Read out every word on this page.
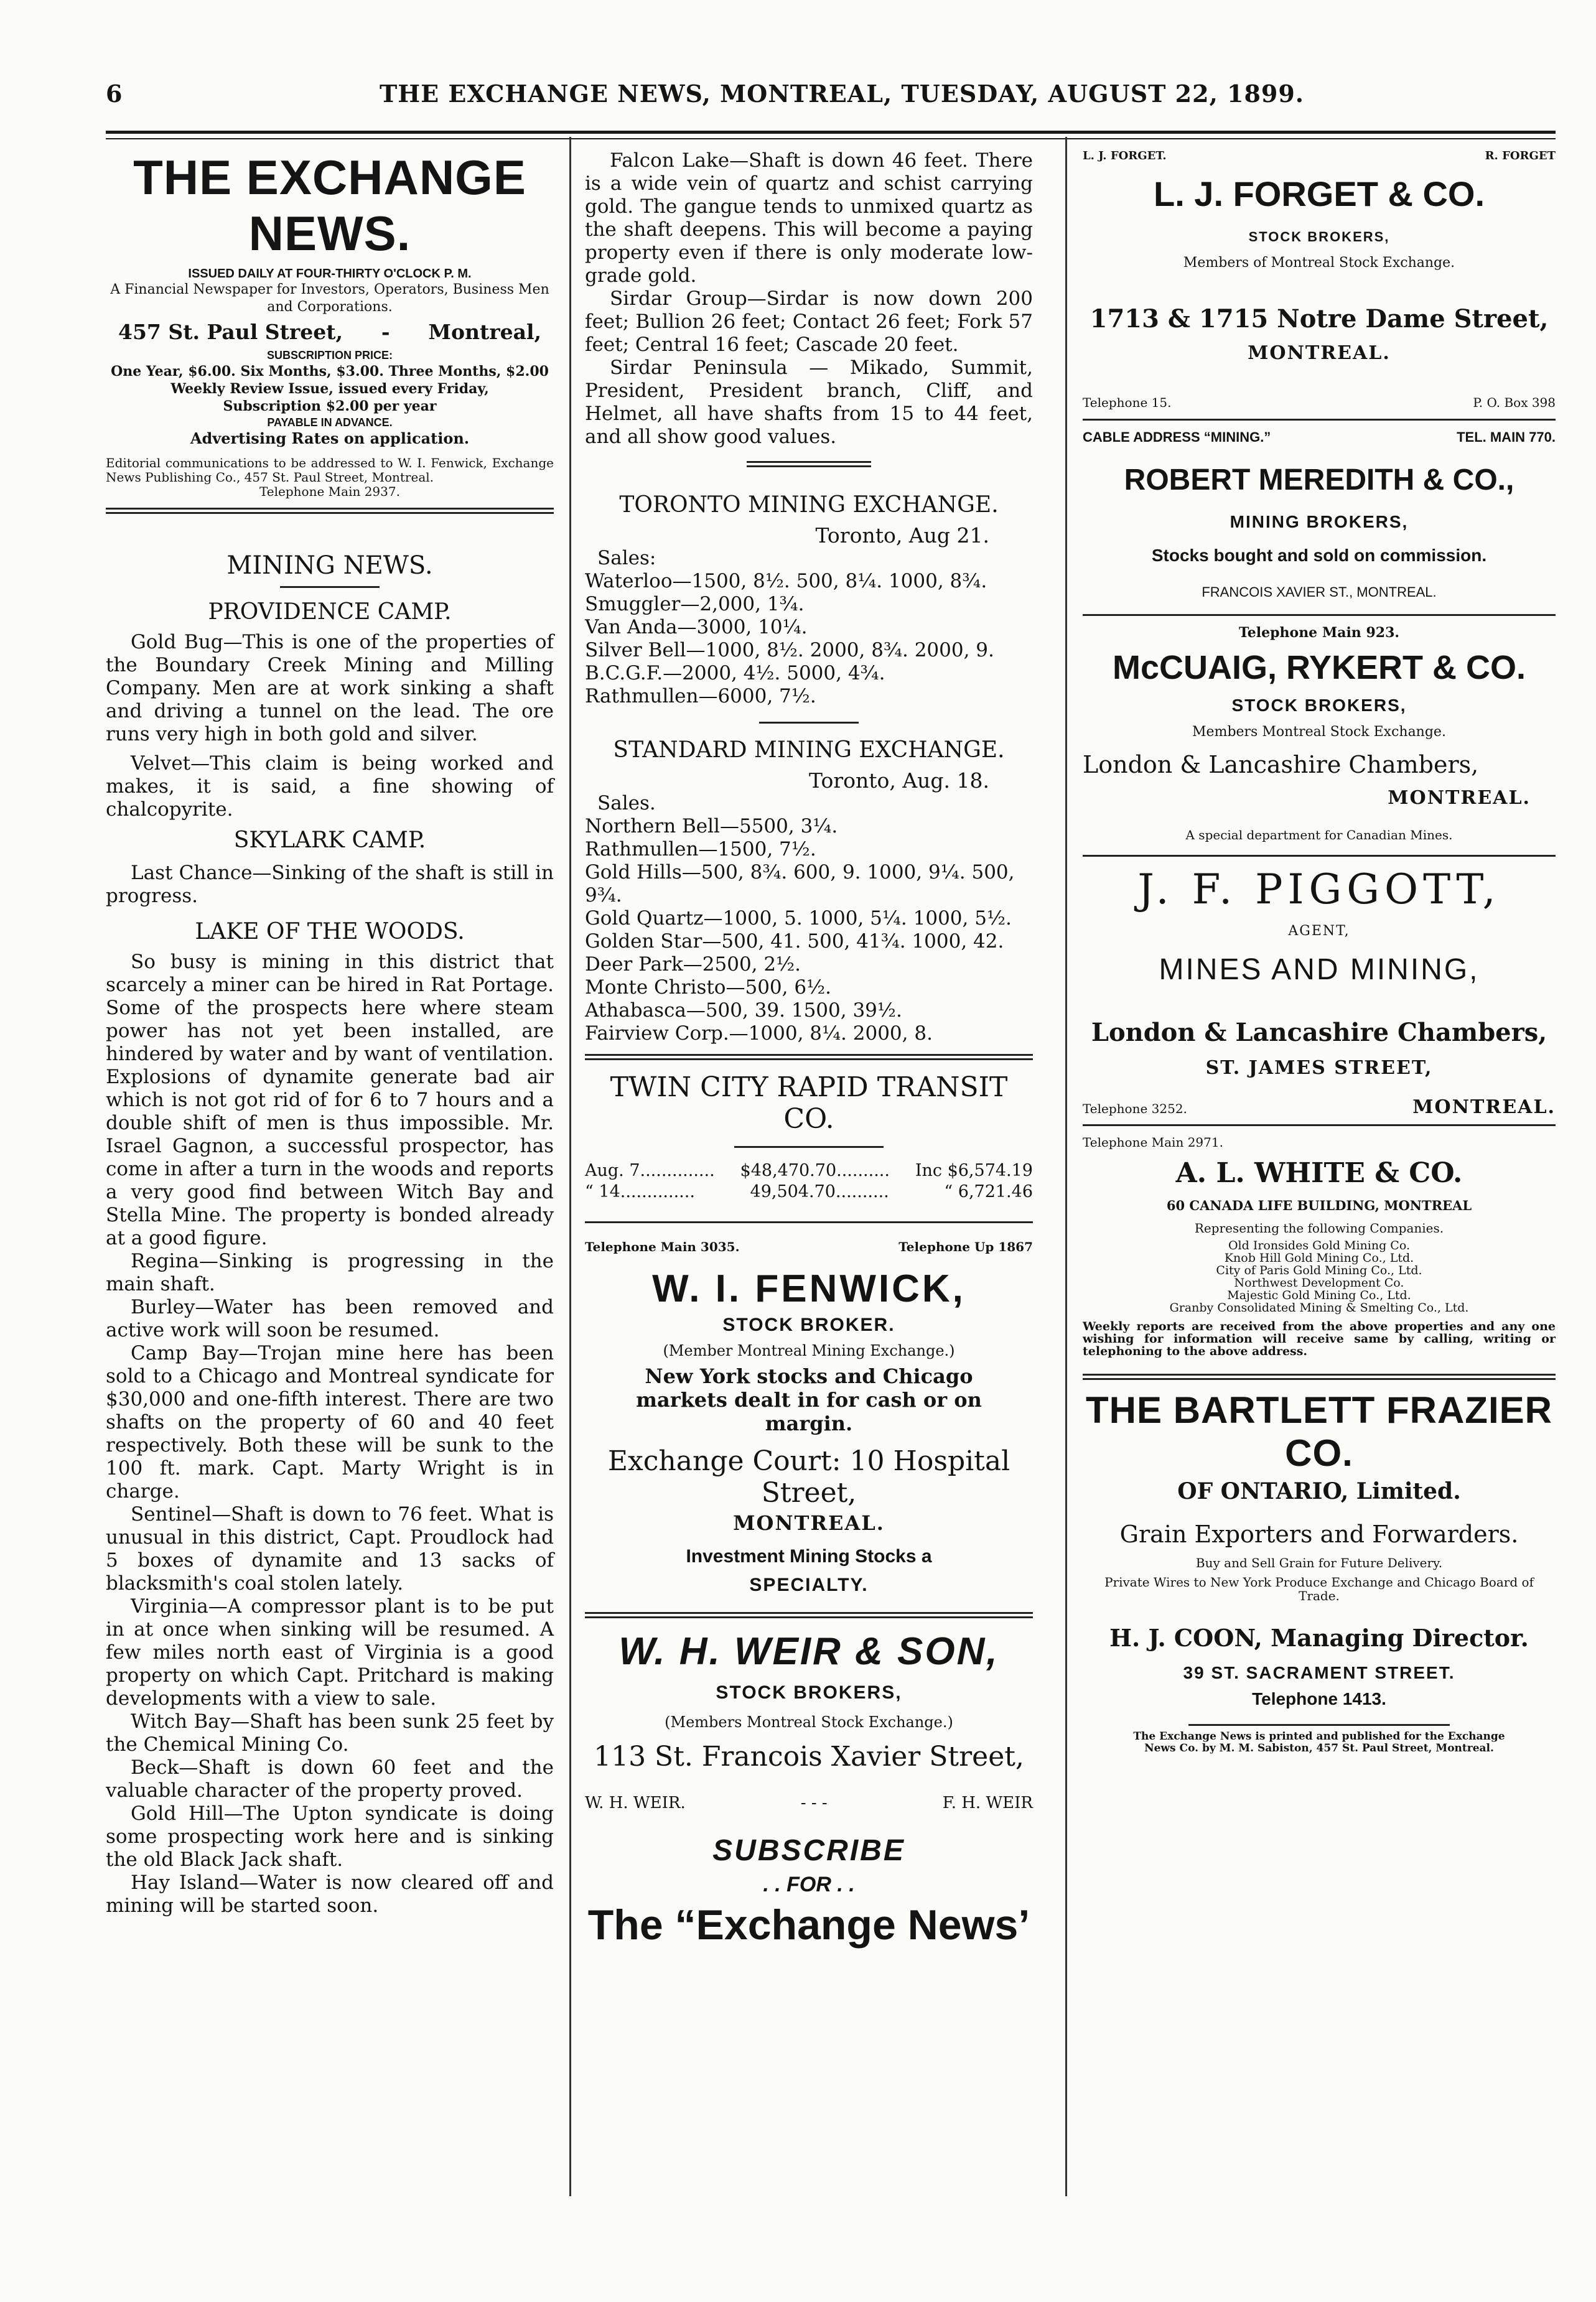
6	THE EXCHANGE NEWS, MONTREAL, TUESDAY, AUGUST 22, 1899.
THE EXCHANGE NEWS.

ISSUED DAILY AT FOUR-THIRTY O'CLOCK P. M.

A Financial Newspaper for Investors, Operators, Business Men and Corporations.

457 St. Paul Street, - Montreal,

SUBSCRIPTION PRICE:

One Year, $6.00. Six Months, $3.00. Three Months, $2.00

Weekly Review Issue, issued every Friday,

Subscription $2.00 per year

PAYABLE IN ADVANCE.

Advertising Rates on application.

Editorial communications to be addressed to W. I. Fenwick, Exchange News Publishing Co., 457 St. Paul Street, Montreal.

Telephone Main 2937.

MINING NEWS.
PROVIDENCE CAMP.

Gold Bug—This is one of the properties of the Boundary Creek Mining and Milling Company. Men are at work sinking a shaft and driving a tunnel on the lead. The ore runs very high in both gold and silver.

Velvet—This claim is being worked and makes, it is said, a fine showing of chalcopyrite.

SKYLARK CAMP.

Last Chance—Sinking of the shaft is still in progress.

LAKE OF THE WOODS.

So busy is mining in this district that scarcely a miner can be hired in Rat Portage. Some of the prospects here where steam power has not yet been installed, are hindered by water and by want of ventilation. Explosions of dynamite generate bad air which is not got rid of for 6 to 7 hours and a double shift of men is thus impossible. Mr. Israel Gagnon, a successful prospector, has come in after a turn in the woods and reports a very good find between Witch Bay and Stella Mine. The property is bonded already at a good figure.

Regina—Sinking is progressing in the main shaft.

Burley—Water has been removed and active work will soon be resumed.

Camp Bay—Trojan mine here has been sold to a Chicago and Montreal syndicate for $30,000 and one-fifth interest. There are two shafts on the property of 60 and 40 feet respectively. Both these will be sunk to the 100 ft. mark. Capt. Marty Wright is in charge.

Sentinel—Shaft is down to 76 feet. What is unusual in this district, Capt. Proudlock had 5 boxes of dynamite and 13 sacks of blacksmith's coal stolen lately.

Virginia—A compressor plant is to be put in at once when sinking will be resumed. A few miles north east of Virginia is a good property on which Capt. Pritchard is making developments with a view to sale.

Witch Bay—Shaft has been sunk 25 feet by the Chemical Mining Co.

Beck—Shaft is down 60 feet and the valuable character of the property proved.

Gold Hill—The Upton syndicate is doing some prospecting work here and is sinking the old Black Jack shaft.

Hay Island—Water is now cleared off and mining will be started soon.

Falcon Lake—Shaft is down 46 feet. There is a wide vein of quartz and schist carrying gold. The gangue tends to unmixed quartz as the shaft deepens. This will become a paying property even if there is only moderate low-grade gold.

Sirdar Group—Sirdar is now down 200 feet; Bullion 26 feet; Contact 26 feet; Fork 57 feet; Central 16 feet; Cascade 20 feet.

Sirdar Peninsula — Mikado, Summit, President, President branch, Cliff, and Helmet, all have shafts from 15 to 44 feet, and all show good values.

TORONTO MINING EXCHANGE.

Toronto, Aug 21.

Sales:

Waterloo—1500, 8½. 500, 8¼. 1000, 8¾.

Smuggler—2,000, 1¾.

Van Anda—3000, 10¼.

Silver Bell—1000, 8½. 2000, 8¾. 2000, 9.

B.C.G.F.—2000, 4½. 5000, 4¾.

Rathmullen—6000, 7½.

STANDARD MINING EXCHANGE.

Toronto, Aug. 18.

Sales.

Northern Bell—5500, 3¼.

Rathmullen—1500, 7½.

Gold Hills—500, 8¾. 600, 9. 1000, 9¼. 500, 9¾.

Gold Quartz—1000, 5. 1000, 5¼. 1000, 5½.

Golden Star—500, 41. 500, 41¾. 1000, 42.

Deer Park—2500, 2½.

Monte Christo—500, 6½.

Athabasca—500, 39. 1500, 39½.

Fairview Corp.—1000, 8¼. 2000, 8.

TWIN CITY RAPID TRANSIT CO.
Aug. 7.............. $48,470.70.......... Inc $6,574.19
“ 14..............	49,504.70..........	“ 6,721.46
Telephone Main 3035.	Telephone Up 1867
W. I. FENWICK,
STOCK BROKER.
(Member Montreal Mining Exchange.)
New York stocks and Chicago markets dealt in for cash or on margin.
Exchange Court: 10 Hospital Street,
MONTREAL.
Investment Mining Stocks a
SPECIALTY.
W. H. WEIR & SON,
STOCK BROKERS,
(Members Montreal Stock Exchange.)
113 St. Francois Xavier Street,
W. H. WEIR.	- - -	F. H. WEIR
SUBSCRIBE
. . FOR . .
The “Exchange News’
L. J. FORGET.	R. FORGET
L. J. FORGET & CO.
STOCK BROKERS,
Members of Montreal Stock Exchange.
1713 & 1715 Notre Dame Street,
MONTREAL.
Telephone 15.	P. O. Box 398
CABLE ADDRESS “MINING.”	TEL. MAIN 770.
ROBERT MEREDITH & CO.,
MINING BROKERS,
Stocks bought and sold on commission.
FRANCOIS XAVIER ST., MONTREAL.
Telephone Main 923.
McCUAIG, RYKERT & CO.
STOCK BROKERS,
Members Montreal Stock Exchange.
London & Lancashire Chambers,
MONTREAL.
A special department for Canadian Mines.
J. F. PIGGOTT,
AGENT,
MINES AND MINING,
London & Lancashire Chambers,
ST. JAMES STREET,
Telephone 3252.	MONTREAL.
Telephone Main 2971.
A. L. WHITE & CO.
60 CANADA LIFE BUILDING, MONTREAL
Representing the following Companies.
Old Ironsides Gold Mining Co.
Knob Hill Gold Mining Co., Ltd.
City of Paris Gold Mining Co., Ltd.
Northwest Development Co.
Majestic Gold Mining Co., Ltd.
Granby Consolidated Mining & Smelting Co., Ltd.
Weekly reports are received from the above properties and any one wishing for information will receive same by calling, writing or telephoning to the above address.
THE BARTLETT FRAZIER CO.
OF ONTARIO, Limited.
Grain Exporters and Forwarders.
Buy and Sell Grain for Future Delivery.
Private Wires to New York Produce Exchange and Chicago Board of Trade.
H. J. COON, Managing Director.
39 ST. SACRAMENT STREET.
Telephone 1413.
The Exchange News is printed and published for the Exchange News Co. by M. M. Sabiston, 457 St. Paul Street, Montreal.
